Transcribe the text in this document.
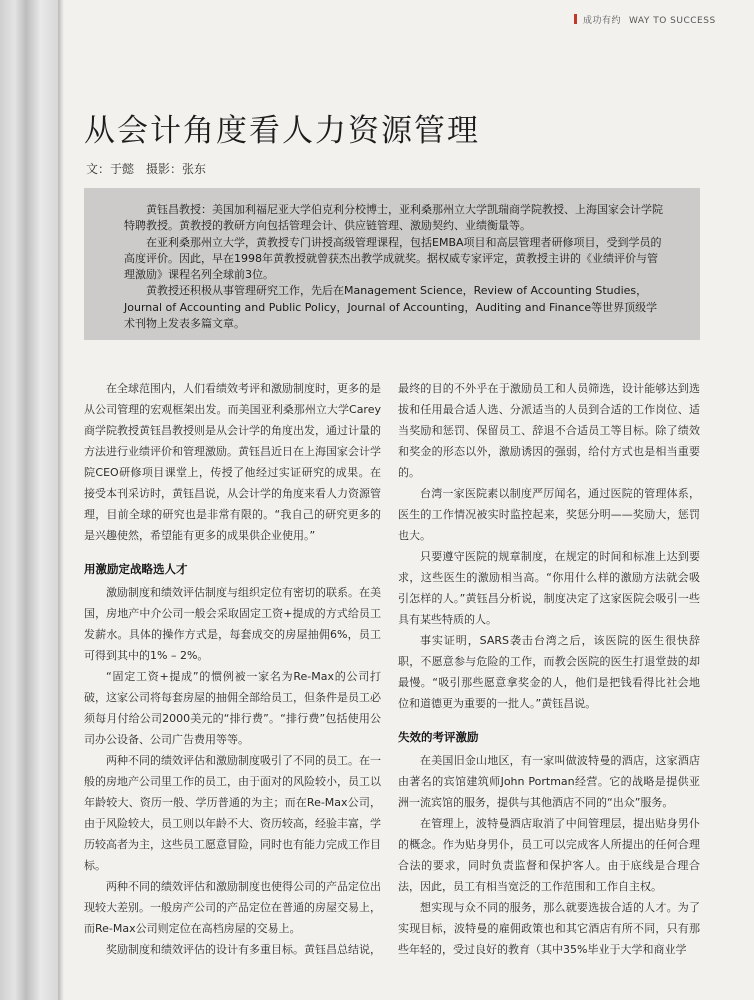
成功有约 WAY TO SUCCESS
从会计角度看人力资源管理
文：于懿 摄影：张东

黄钰昌教授：美国加利福尼亚大学伯克利分校博士，亚利桑那州立大学凯瑞商学院教授、上海国家会计学院特聘教授。黄教授的教研方向包括管理会计、供应链管理、激励契约、业绩衡量等。

在亚利桑那州立大学，黄教授专门讲授高级管理课程，包括EMBA项目和高层管理者研修项目，受到学员的高度评价。因此，早在1998年黄教授就曾获杰出教学成就奖。据权威专家评定，黄教授主讲的《业绩评价与管理激励》课程名列全球前3位。

黄教授还积极从事管理研究工作，先后在Management Science，Review of Accounting Studies，Journal of Accounting and Public Policy，Journal of Accounting，Auditing and Finance等世界顶级学术刊物上发表多篇文章。

在全球范围内，人们看绩效考评和激励制度时，更多的是从公司管理的宏观框架出发。而美国亚利桑那州立大学Carey商学院教授黄钰昌教授则是从会计学的角度出发，通过计量的方法进行业绩评价和管理激励。黄钰昌近日在上海国家会计学院CEO研修项目课堂上，传授了他经过实证研究的成果。在接受本刊采访时，黄钰昌说，从会计学的角度来看人力资源管理，目前全球的研究也是非常有限的。“我自己的研究更多的是兴趣使然，希望能有更多的成果供企业使用。”

用激励定战略选人才

激励制度和绩效评估制度与组织定位有密切的联系。在美国，房地产中介公司一般会采取固定工资+提成的方式给员工发薪水。具体的操作方式是，每套成交的房屋抽佣6%，员工可得到其中的1% – 2%。

“固定工资+提成”的惯例被一家名为Re-Max的公司打破，这家公司将每套房屋的抽佣全部给员工，但条件是员工必须每月付给公司2000美元的“排行费”。“排行费”包括使用公司办公设备、公司广告费用等等。

两种不同的绩效评估和激励制度吸引了不同的员工。在一般的房地产公司里工作的员工，由于面对的风险较小，员工以年龄较大、资历一般、学历普通的为主；而在Re-Max公司，由于风险较大，员工则以年龄不大、资历较高，经验丰富，学历较高者为主，这些员工愿意冒险，同时也有能力完成工作目标。

两种不同的绩效评估和激励制度也使得公司的产品定位出现较大差别。一般房产公司的产品定位在普通的房屋交易上，而Re-Max公司则定位在高档房屋的交易上。

奖励制度和绩效评估的设计有多重目标。黄钰昌总结说，

最终的目的不外乎在于激励员工和人员筛选，设计能够达到选拔和任用最合适人选、分派适当的人员到合适的工作岗位、适当奖励和惩罚、保留员工、辞退不合适员工等目标。除了绩效和奖金的形态以外，激励诱因的强弱，给付方式也是相当重要的。

台湾一家医院素以制度严厉闻名，通过医院的管理体系，医生的工作情况被实时监控起来，奖惩分明——奖励大，惩罚也大。

只要遵守医院的规章制度，在规定的时间和标准上达到要求，这些医生的激励相当高。“你用什么样的激励方法就会吸引怎样的人。”黄钰昌分析说，制度决定了这家医院会吸引一些具有某些特质的人。

事实证明，SARS袭击台湾之后，该医院的医生很快辞职，不愿意参与危险的工作，而教会医院的医生打退堂鼓的却最慢。“吸引那些愿意拿奖金的人，他们是把钱看得比社会地位和道德更为重要的一批人。”黄钰昌说。

失效的考评激励

在美国旧金山地区，有一家叫做波特曼的酒店，这家酒店由著名的宾馆建筑师John Portman经营。它的战略是提供亚洲一流宾馆的服务，提供与其他酒店不同的“出众”服务。

在管理上，波特曼酒店取消了中间管理层，提出贴身男仆的概念。作为贴身男仆，员工可以完成客人所提出的任何合理合法的要求，同时负责监督和保护客人。由于底线是合理合法，因此，员工有相当宽泛的工作范围和工作自主权。

想实现与众不同的服务，那么就要选拔合适的人才。为了实现目标，波特曼的雇佣政策也和其它酒店有所不同，只有那些年轻的，受过良好的教育（其中35%毕业于大学和商业学
